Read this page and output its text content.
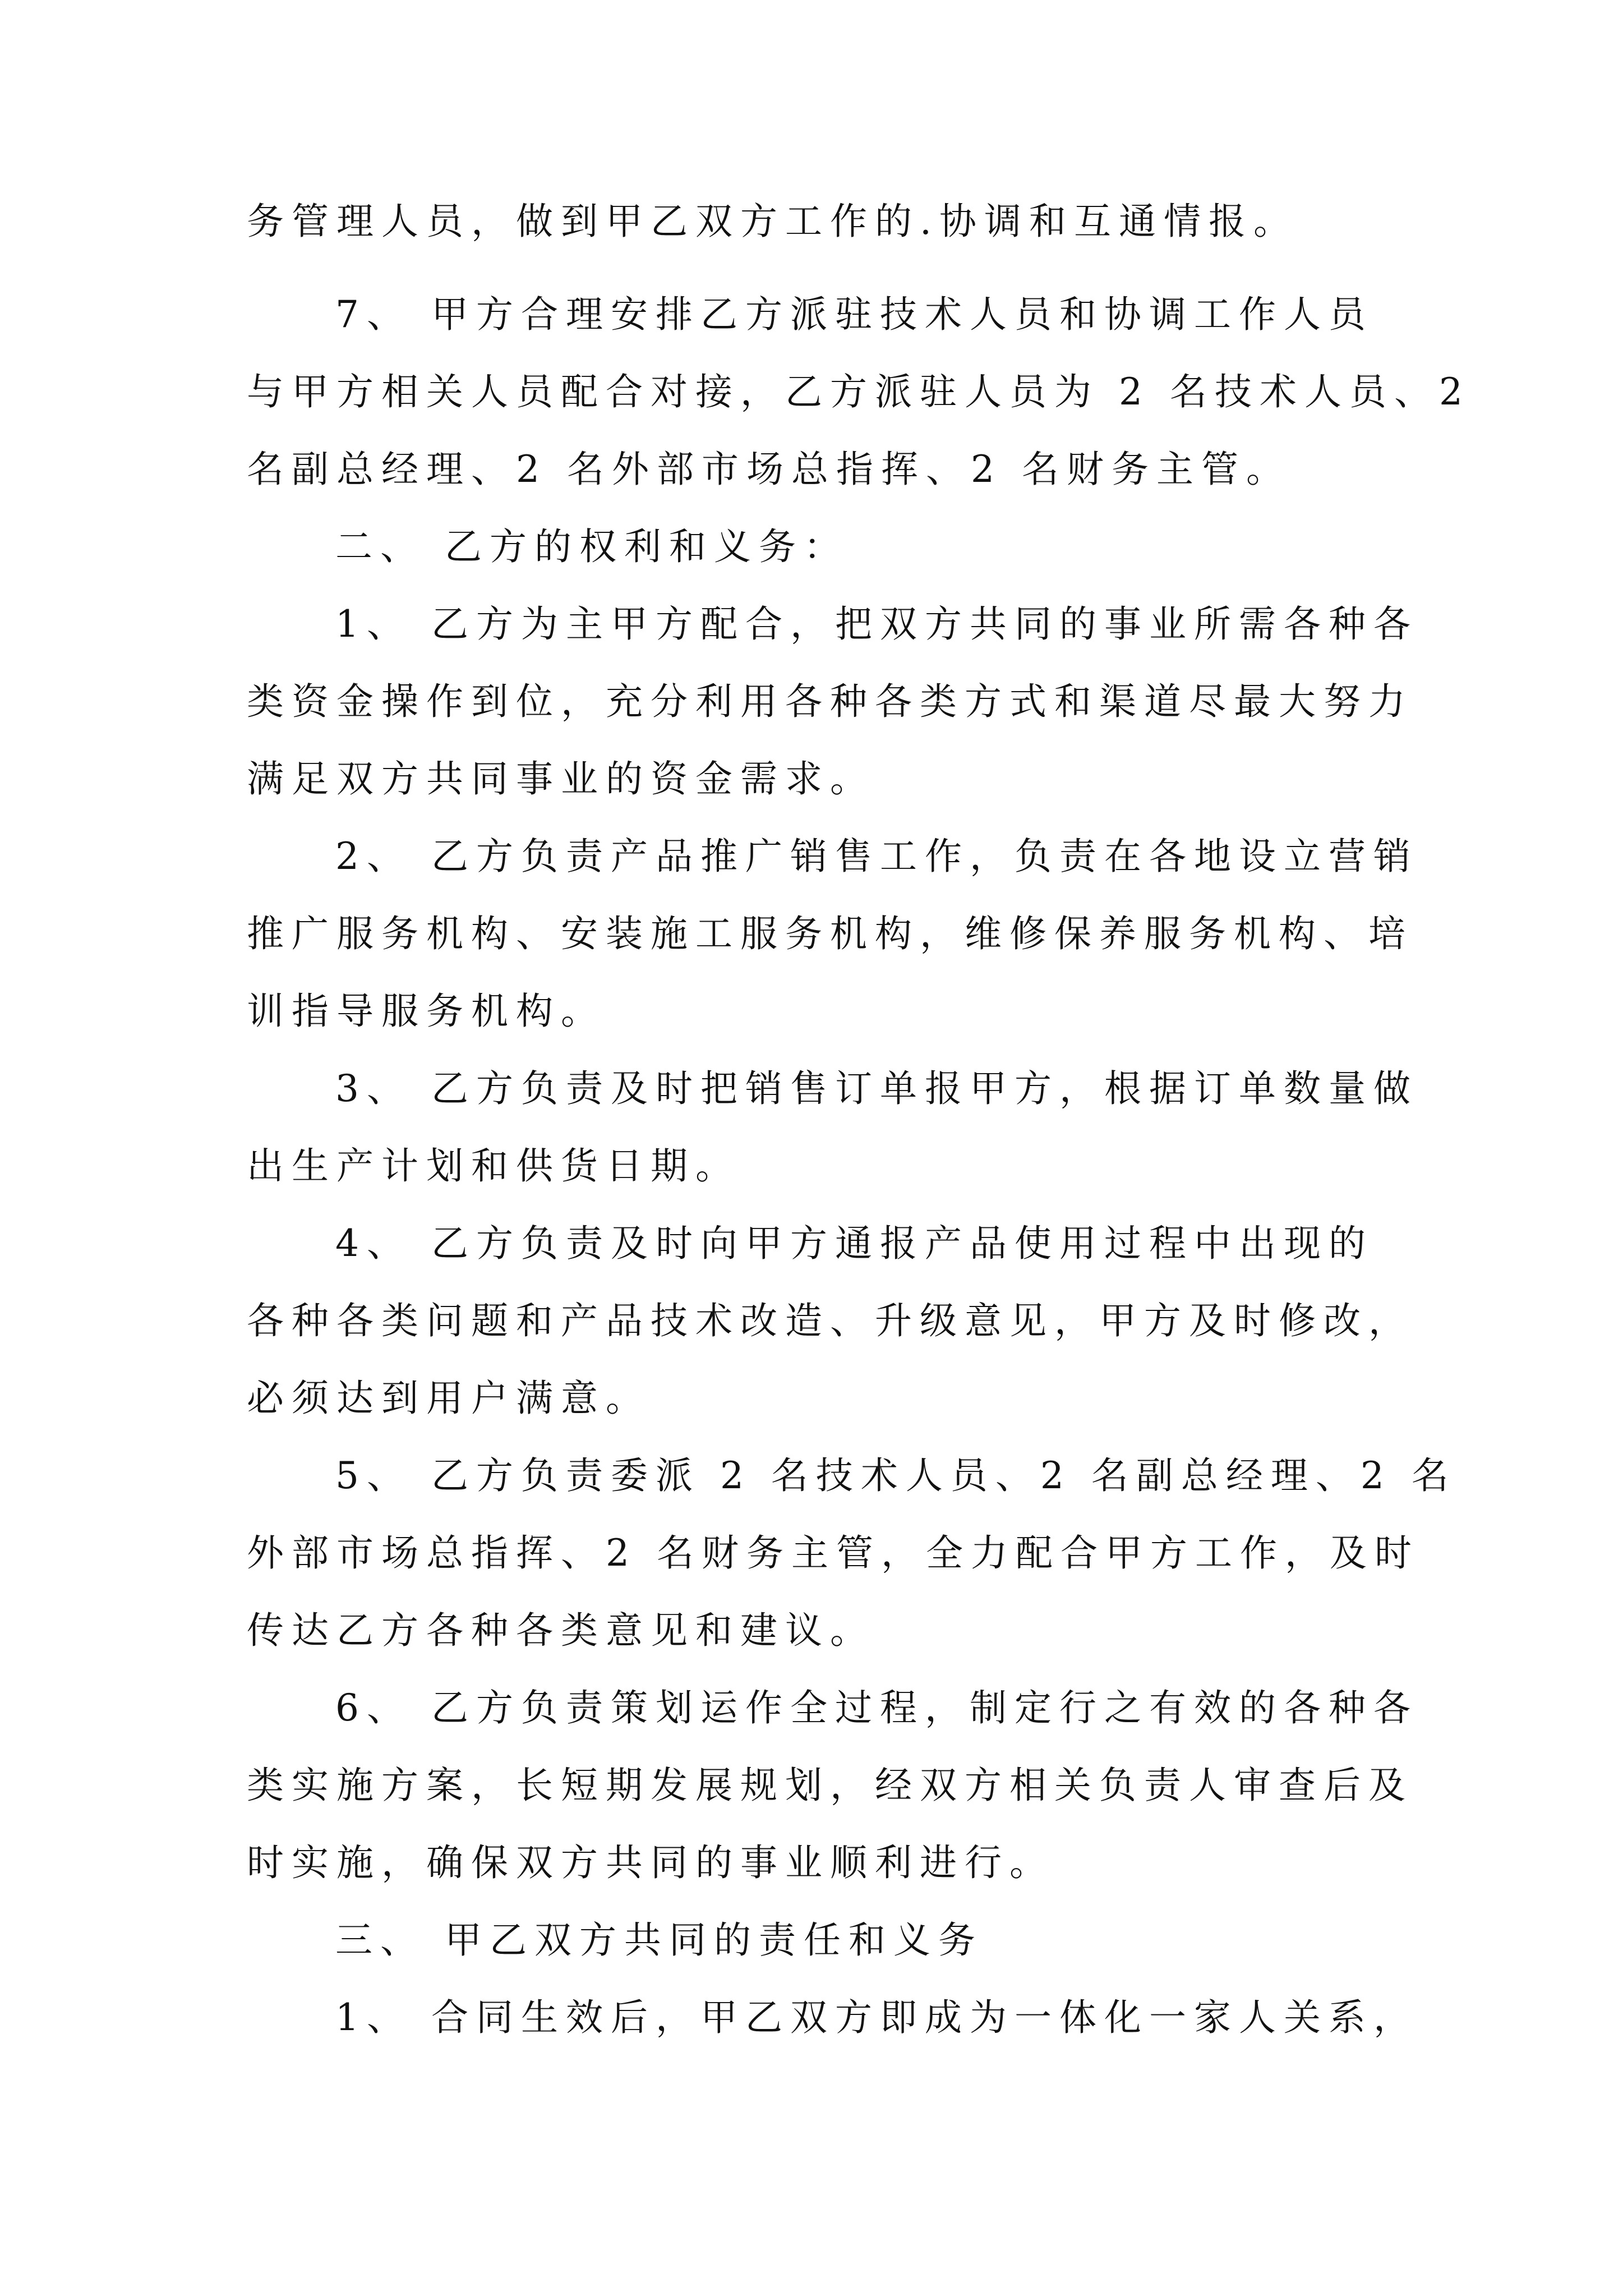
务管理人员，做到甲乙双方工作的.协调和互通情报。
7、 甲方合理安排乙方派驻技术人员和协调工作人员
与甲方相关人员配合对接，乙方派驻人员为 2 名技术人员、2
名副总经理、2 名外部市场总指挥、2 名财务主管。
二、 乙方的权利和义务：
1、 乙方为主甲方配合，把双方共同的事业所需各种各
类资金操作到位，充分利用各种各类方式和渠道尽最大努力
满足双方共同事业的资金需求。
2、 乙方负责产品推广销售工作，负责在各地设立营销
推广服务机构、安装施工服务机构，维修保养服务机构、培
训指导服务机构。
3、 乙方负责及时把销售订单报甲方，根据订单数量做
出生产计划和供货日期。
4、 乙方负责及时向甲方通报产品使用过程中出现的
各种各类问题和产品技术改造、升级意见，甲方及时修改，
必须达到用户满意。
5、 乙方负责委派 2 名技术人员、2 名副总经理、2 名
外部市场总指挥、2 名财务主管，全力配合甲方工作，及时
传达乙方各种各类意见和建议。
6、 乙方负责策划运作全过程，制定行之有效的各种各
类实施方案，长短期发展规划，经双方相关负责人审查后及
时实施，确保双方共同的事业顺利进行。
三、 甲乙双方共同的责任和义务
1、 合同生效后，甲乙双方即成为一体化一家人关系，
